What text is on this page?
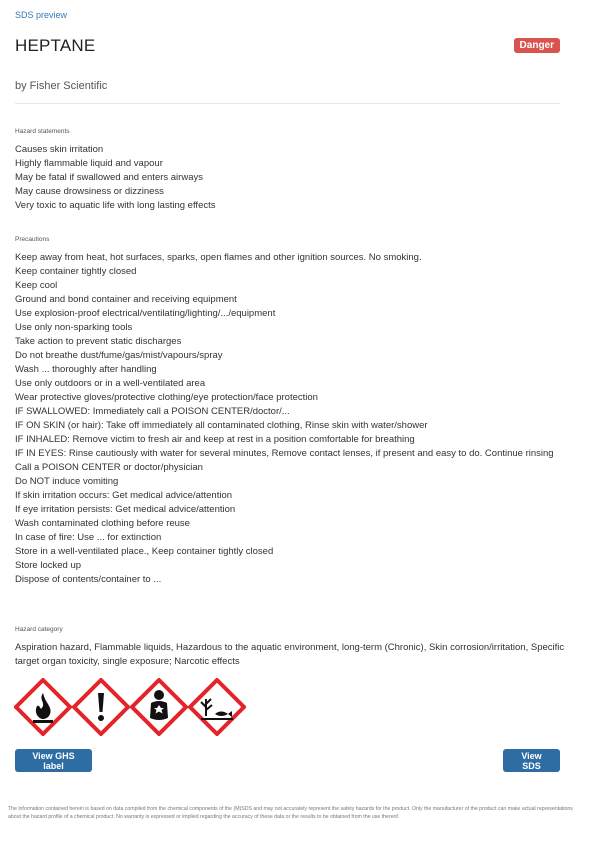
SDS preview
HEPTANE	Danger
by Fisher Scientific
Hazard statements
Causes skin irritation
Highly flammable liquid and vapour
May be fatal if swallowed and enters airways
May cause drowsiness or dizziness
Very toxic to aquatic life with long lasting effects
Precautions
Keep away from heat, hot surfaces, sparks, open flames and other ignition sources. No smoking.
Keep container tightly closed
Keep cool
Ground and bond container and receiving equipment
Use explosion-proof electrical/ventilating/lighting/.../equipment
Use only non-sparking tools
Take action to prevent static discharges
Do not breathe dust/fume/gas/mist/vapours/spray
Wash ... thoroughly after handling
Use only outdoors or in a well-ventilated area
Wear protective gloves/protective clothing/eye protection/face protection
IF SWALLOWED: Immediately call a POISON CENTER/doctor/...
IF ON SKIN (or hair): Take off immediately all contaminated clothing, Rinse skin with water/shower
IF INHALED: Remove victim to fresh air and keep at rest in a position comfortable for breathing
IF IN EYES: Rinse cautiously with water for several minutes, Remove contact lenses, if present and easy to do. Continue rinsing
Call a POISON CENTER or doctor/physician
Do NOT induce vomiting
If skin irritation occurs: Get medical advice/attention
If eye irritation persists: Get medical advice/attention
Wash contaminated clothing before reuse
In case of fire: Use ... for extinction
Store in a well-ventilated place., Keep container tightly closed
Store locked up
Dispose of contents/container to ...
Hazard category
Aspiration hazard, Flammable liquids, Hazardous to the aquatic environment, long-term (Chronic), Skin corrosion/irritation, Specific target organ toxicity, single exposure; Narcotic effects
View GHS label
View SDS
The information contained herein is based on data compiled from the chemical components of the (M)SDS and may not accurately represent the safety hazards for the product. Only the manufacturer of the product can make actual representations about the hazard profile of a chemical product. No warranty is expressed or implied regarding the accuracy of these data or the results to be obtained from the use thereof.
